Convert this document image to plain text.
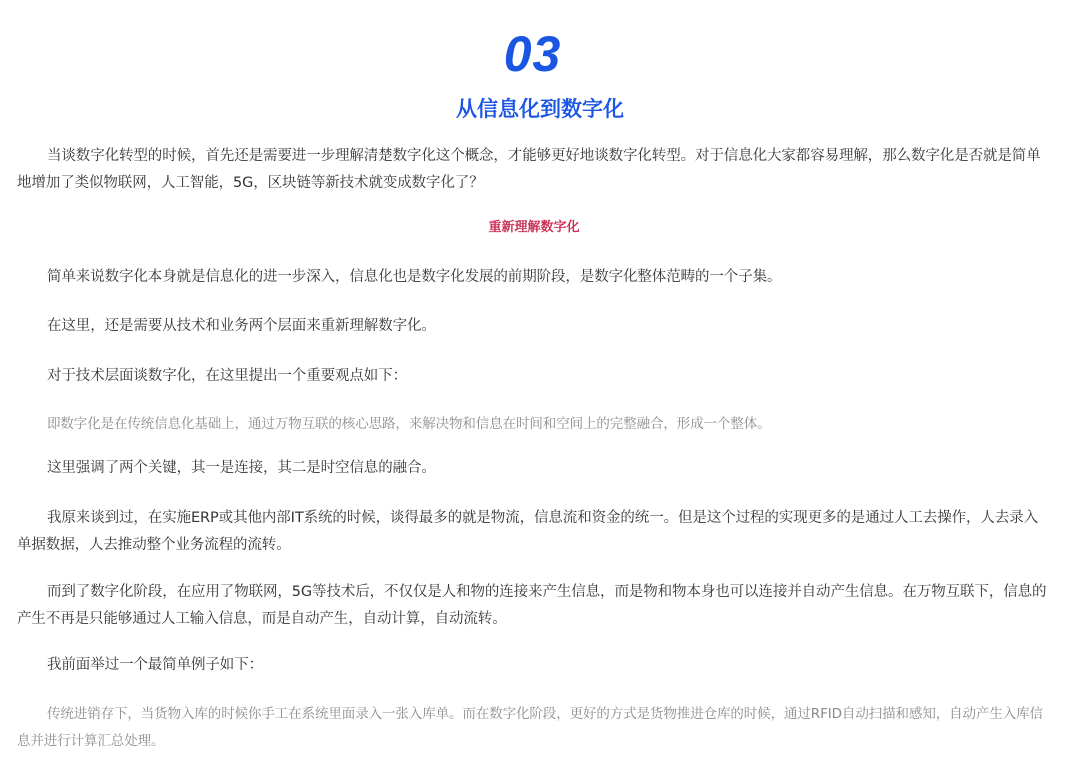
03
从信息化到数字化

当谈数字化转型的时候，首先还是需要进一步理解清楚数字化这个概念，才能够更好地谈数字化转型。对于信息化大家都容易理解，那么数字化是否就是简单地增加了类似物联网，人工智能，5G，区块链等新技术就变成数字化了？

重新理解数字化

简单来说数字化本身就是信息化的进一步深入，信息化也是数字化发展的前期阶段，是数字化整体范畴的一个子集。

在这里，还是需要从技术和业务两个层面来重新理解数字化。

对于技术层面谈数字化，在这里提出一个重要观点如下：

即数字化是在传统信息化基础上，通过万物互联的核心思路，来解决物和信息在时间和空间上的完整融合，形成一个整体。

这里强调了两个关键，其一是连接，其二是时空信息的融合。

我原来谈到过，在实施ERP或其他内部IT系统的时候，谈得最多的就是物流，信息流和资金的统一。但是这个过程的实现更多的是通过人工去操作，人去录入单据数据，人去推动整个业务流程的流转。

而到了数字化阶段，在应用了物联网，5G等技术后，不仅仅是人和物的连接来产生信息，而是物和物本身也可以连接并自动产生信息。在万物互联下，信息的产生不再是只能够通过人工输入信息，而是自动产生，自动计算，自动流转。

我前面举过一个最简单例子如下：

传统进销存下，当货物入库的时候你手工在系统里面录入一张入库单。而在数字化阶段，更好的方式是货物推进仓库的时候，通过RFID自动扫描和感知，自动产生入库信息并进行计算汇总处理。
